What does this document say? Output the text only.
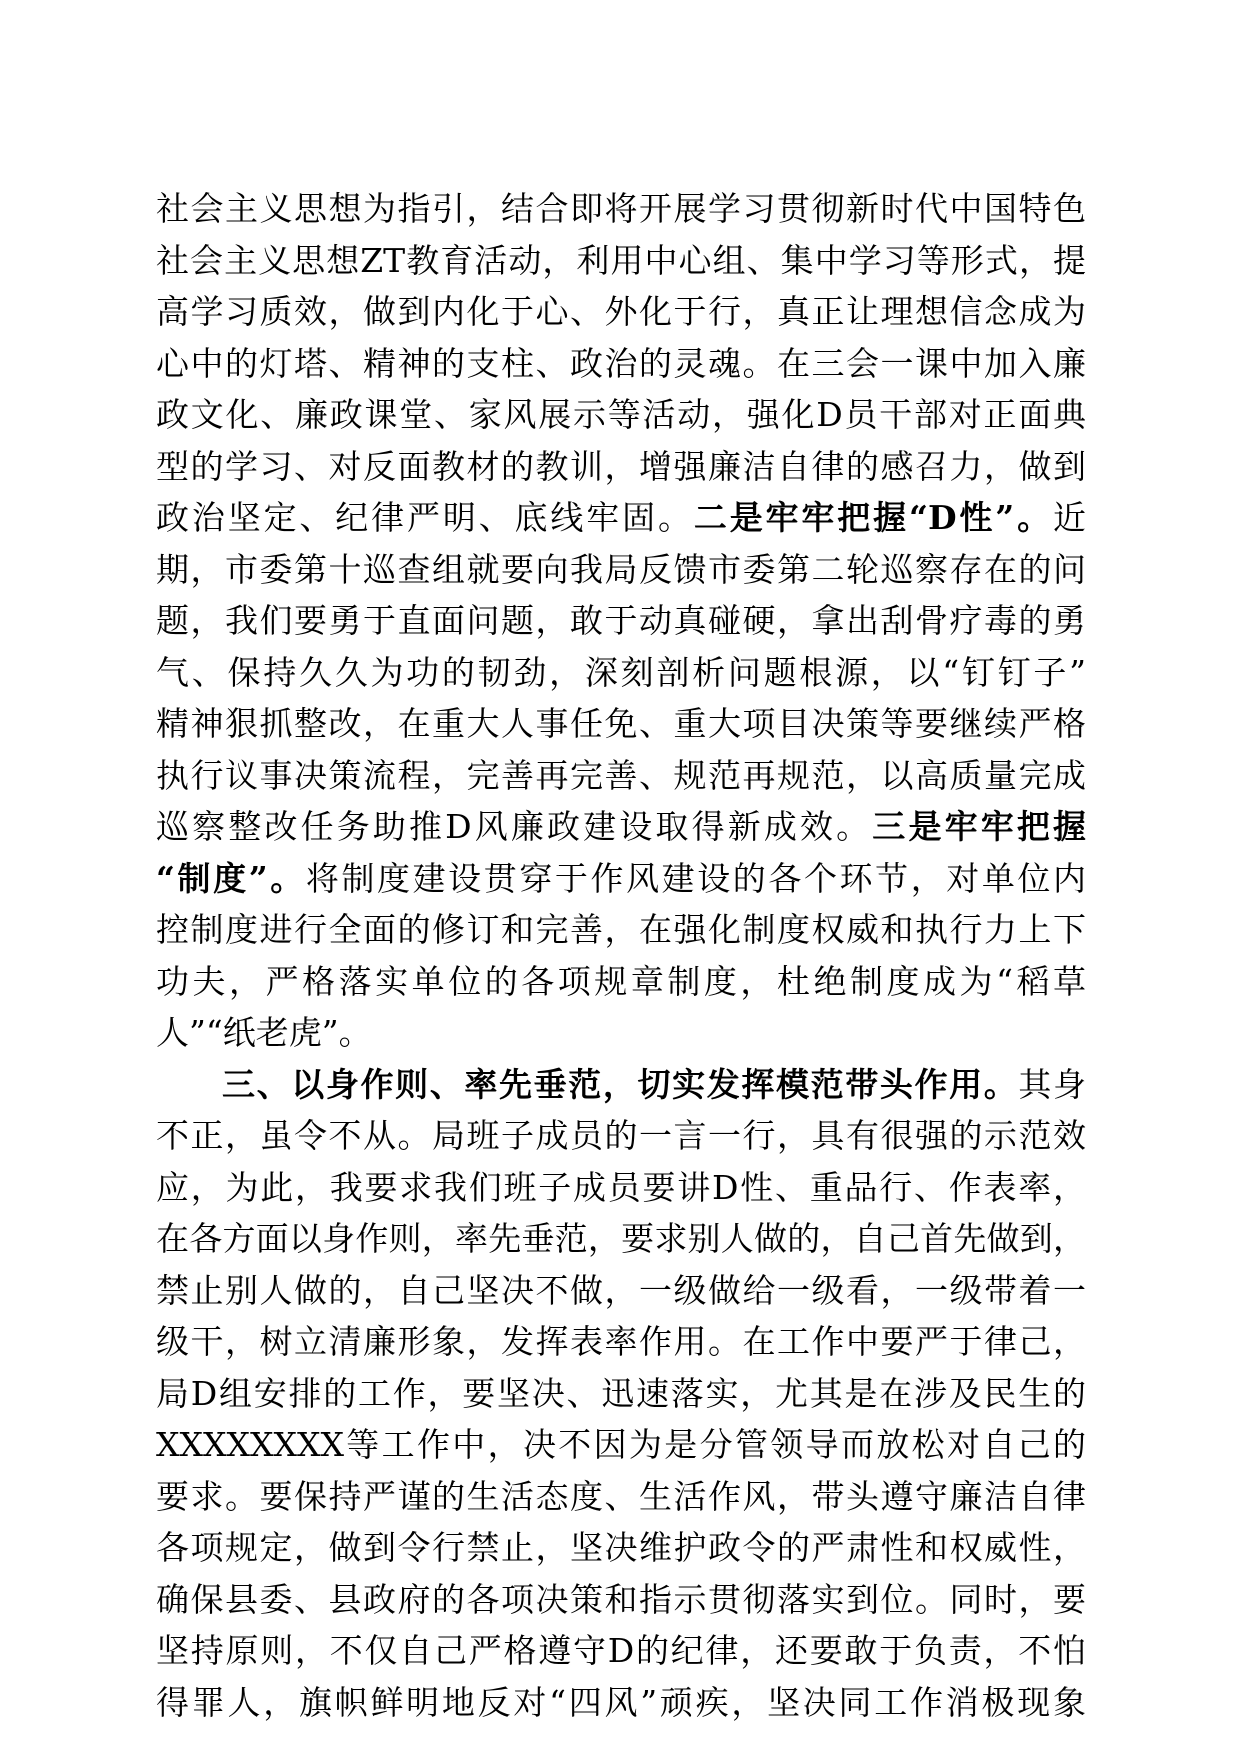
社会主义思想为指引，结合即将开展学习贯彻新时代中国特色
社会主义思想ZT教育活动，利用中心组、集中学习等形式，提
高学习质效，做到内化于心、外化于行，真正让理想信念成为
心中的灯塔、精神的支柱、政治的灵魂。在三会一课中加入廉
政文化、廉政课堂、家风展示等活动，强化D员干部对正面典
型的学习、对反面教材的教训，增强廉洁自律的感召力，做到
政治坚定、纪律严明、底线牢固。二是牢牢把握“D性”。近
期，市委第十巡查组就要向我局反馈市委第二轮巡察存在的问
题，我们要勇于直面问题，敢于动真碰硬，拿出刮骨疗毒的勇
气、保持久久为功的韧劲，深刻剖析问题根源，以“钉钉子”
精神狠抓整改，在重大人事任免、重大项目决策等要继续严格
执行议事决策流程，完善再完善、规范再规范，以高质量完成
巡察整改任务助推D风廉政建设取得新成效。三是牢牢把握
“制度”。将制度建设贯穿于作风建设的各个环节，对单位内
控制度进行全面的修订和完善，在强化制度权威和执行力上下
功夫，严格落实单位的各项规章制度，杜绝制度成为“稻草
人”“纸老虎”。
三、以身作则、率先垂范，切实发挥模范带头作用。其身
不正，虽令不从。局班子成员的一言一行，具有很强的示范效
应，为此，我要求我们班子成员要讲D性、重品行、作表率，
在各方面以身作则，率先垂范，要求别人做的，自己首先做到，
禁止别人做的，自己坚决不做，一级做给一级看，一级带着一
级干，树立清廉形象，发挥表率作用。在工作中要严于律己，
局D组安排的工作，要坚决、迅速落实，尤其是在涉及民生的
XXXXXXXX等工作中，决不因为是分管领导而放松对自己的
要求。要保持严谨的生活态度、生活作风，带头遵守廉洁自律
各项规定，做到令行禁止，坚决维护政令的严肃性和权威性，
确保县委、县政府的各项决策和指示贯彻落实到位。同时，要
坚持原则，不仅自己严格遵守D的纪律，还要敢于负责，不怕
得罪人，旗帜鲜明地反对“四风”顽疾，坚决同工作消极现象
